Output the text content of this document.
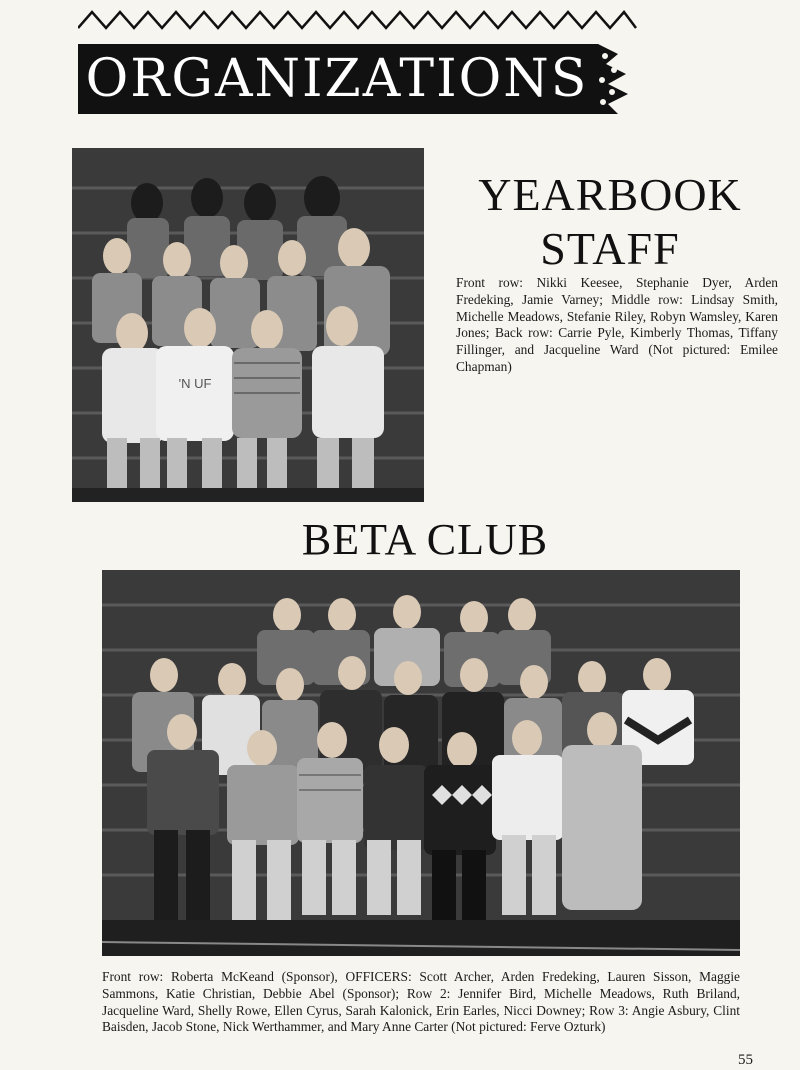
ORGANIZATIONS
'N UF
YEARBOOK
STAFF
Front row: Nikki Keesee, Stephanie Dyer, Arden Fredeking, Jamie Varney; Middle row: Lindsay Smith, Michelle Meadows, Stefanie Riley, Robyn Wamsley, Karen Jones; Back row: Carrie Pyle, Kimberly Thomas, Tiffany Fillinger, and Jacqueline Ward (Not pictured: Emilee Chapman)
BETA CLUB
Front row: Roberta McKeand (Sponsor), OFFICERS: Scott Archer, Arden Fredeking, Lauren Sisson, Maggie Sammons, Katie Christian, Debbie Abel (Sponsor); Row 2: Jennifer Bird, Michelle Meadows, Ruth Briland, Jacqueline Ward, Shelly Rowe, Ellen Cyrus, Sarah Kalonick, Erin Earles, Nicci Downey; Row 3: Angie Asbury, Clint Baisden, Jacob Stone, Nick Werthammer, and Mary Anne Carter (Not pictured: Ferve Ozturk)
55
